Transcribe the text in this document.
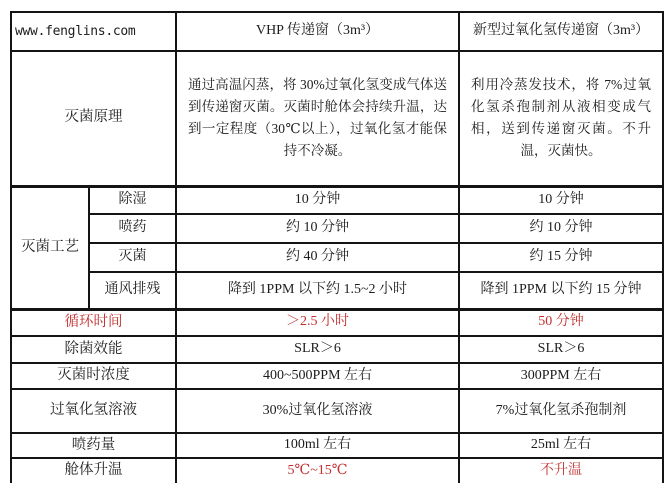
www.fenglins.com		VHP 传递窗（3m³）	新型过氧化氢传递窗（3m³）
灭菌原理		通过高温闪蒸，将 30%过氧化氢变成气体送到传递窗灭菌。灭菌时舱体会持续升温，达到一定程度（30℃以上），过氧化氢才能保持不冷凝。	利用冷蒸发技术，将 7%过氧化氢杀孢制剂从液相变成气相，送到传递窗灭菌。不升温，灭菌快。
灭菌工艺	除湿	10 分钟	10 分钟
	喷药	约 10 分钟	约 10 分钟
	灭菌	约 40 分钟	约 15 分钟
	通风排残	降到 1PPM 以下约 1.5~2 小时	降到 1PPM 以下约 15 分钟
循环时间		＞2.5 小时	50 分钟
除菌效能		SLR＞6	SLR＞6
灭菌时浓度		400~500PPM 左右	300PPM 左右
过氧化氢溶液		30%过氧化氢溶液	7%过氧化氢杀孢制剂
喷药量		100ml 左右	25ml 左右
舱体升温		5℃~15℃	不升温
